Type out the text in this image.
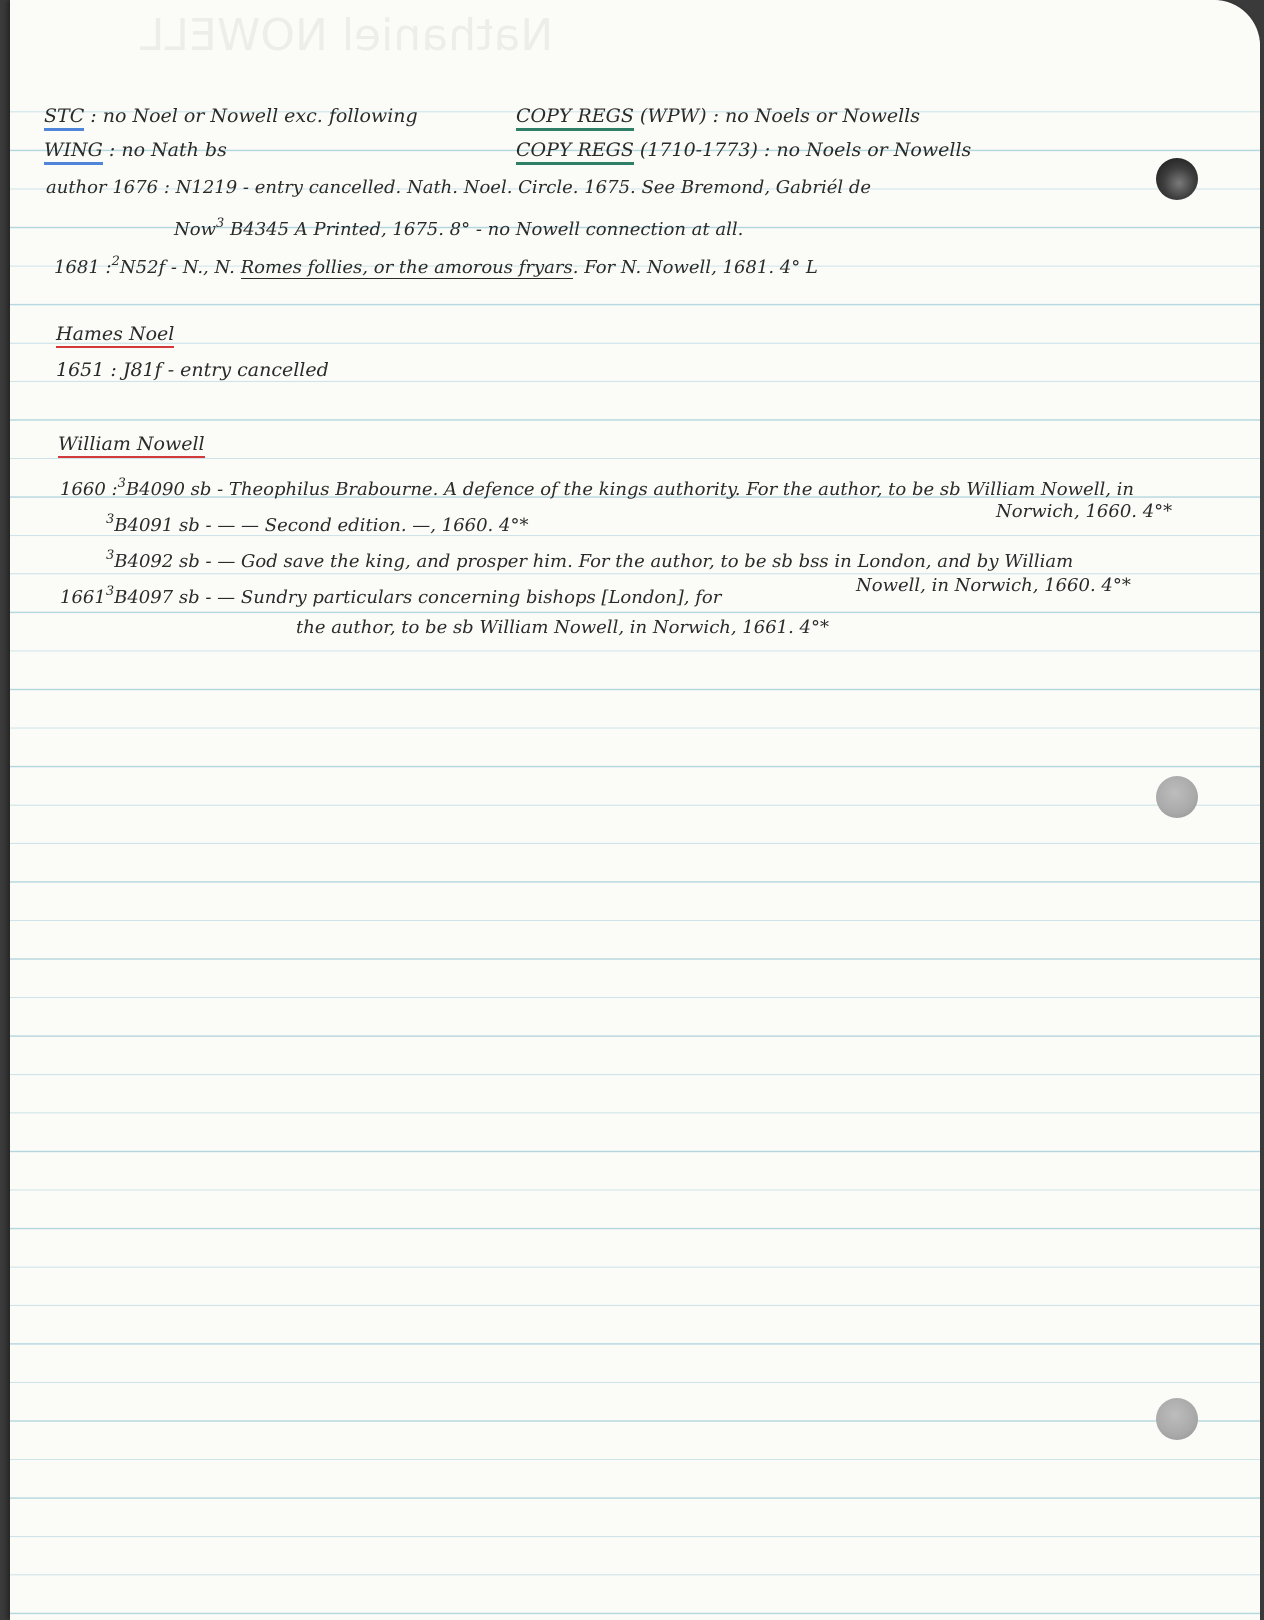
Nathaniel NOWELL
STC : no Noel or Nowell exc. following	COPY REGS (WPW) : no Noels or Nowells
WING : no Nath bs	COPY REGS (1710-1773) : no Noels or Nowells
author 1676 : N1219 - entry cancelled. Nath. Noel. Circle. 1675. See Bremond, Gabriél de
Now$^3$ B4345 A Printed, 1675. 8° - no Nowell connection at all.
1681 :$^2$N52f - N., N. Romes follies, or the amorous fryars. For N. Nowell, 1681. 4° L
Hames Noel
1651 : J81f - entry cancelled
William Nowell
1660 :$^3$B4090 sb - Theophilus Brabourne. A defence of the kings authority. For the author, to be sb William Nowell, in
Norwich, 1660. 4°*
$^3$B4091 sb - — — Second edition. —, 1660. 4°*
$^3$B4092 sb - — God save the king, and prosper him. For the author, to be sb bss in London, and by William
Nowell, in Norwich, 1660. 4°*
1661$^3$B4097 sb - — Sundry particulars concerning bishops [London], for
the author, to be sb William Nowell, in Norwich, 1661. 4°*
